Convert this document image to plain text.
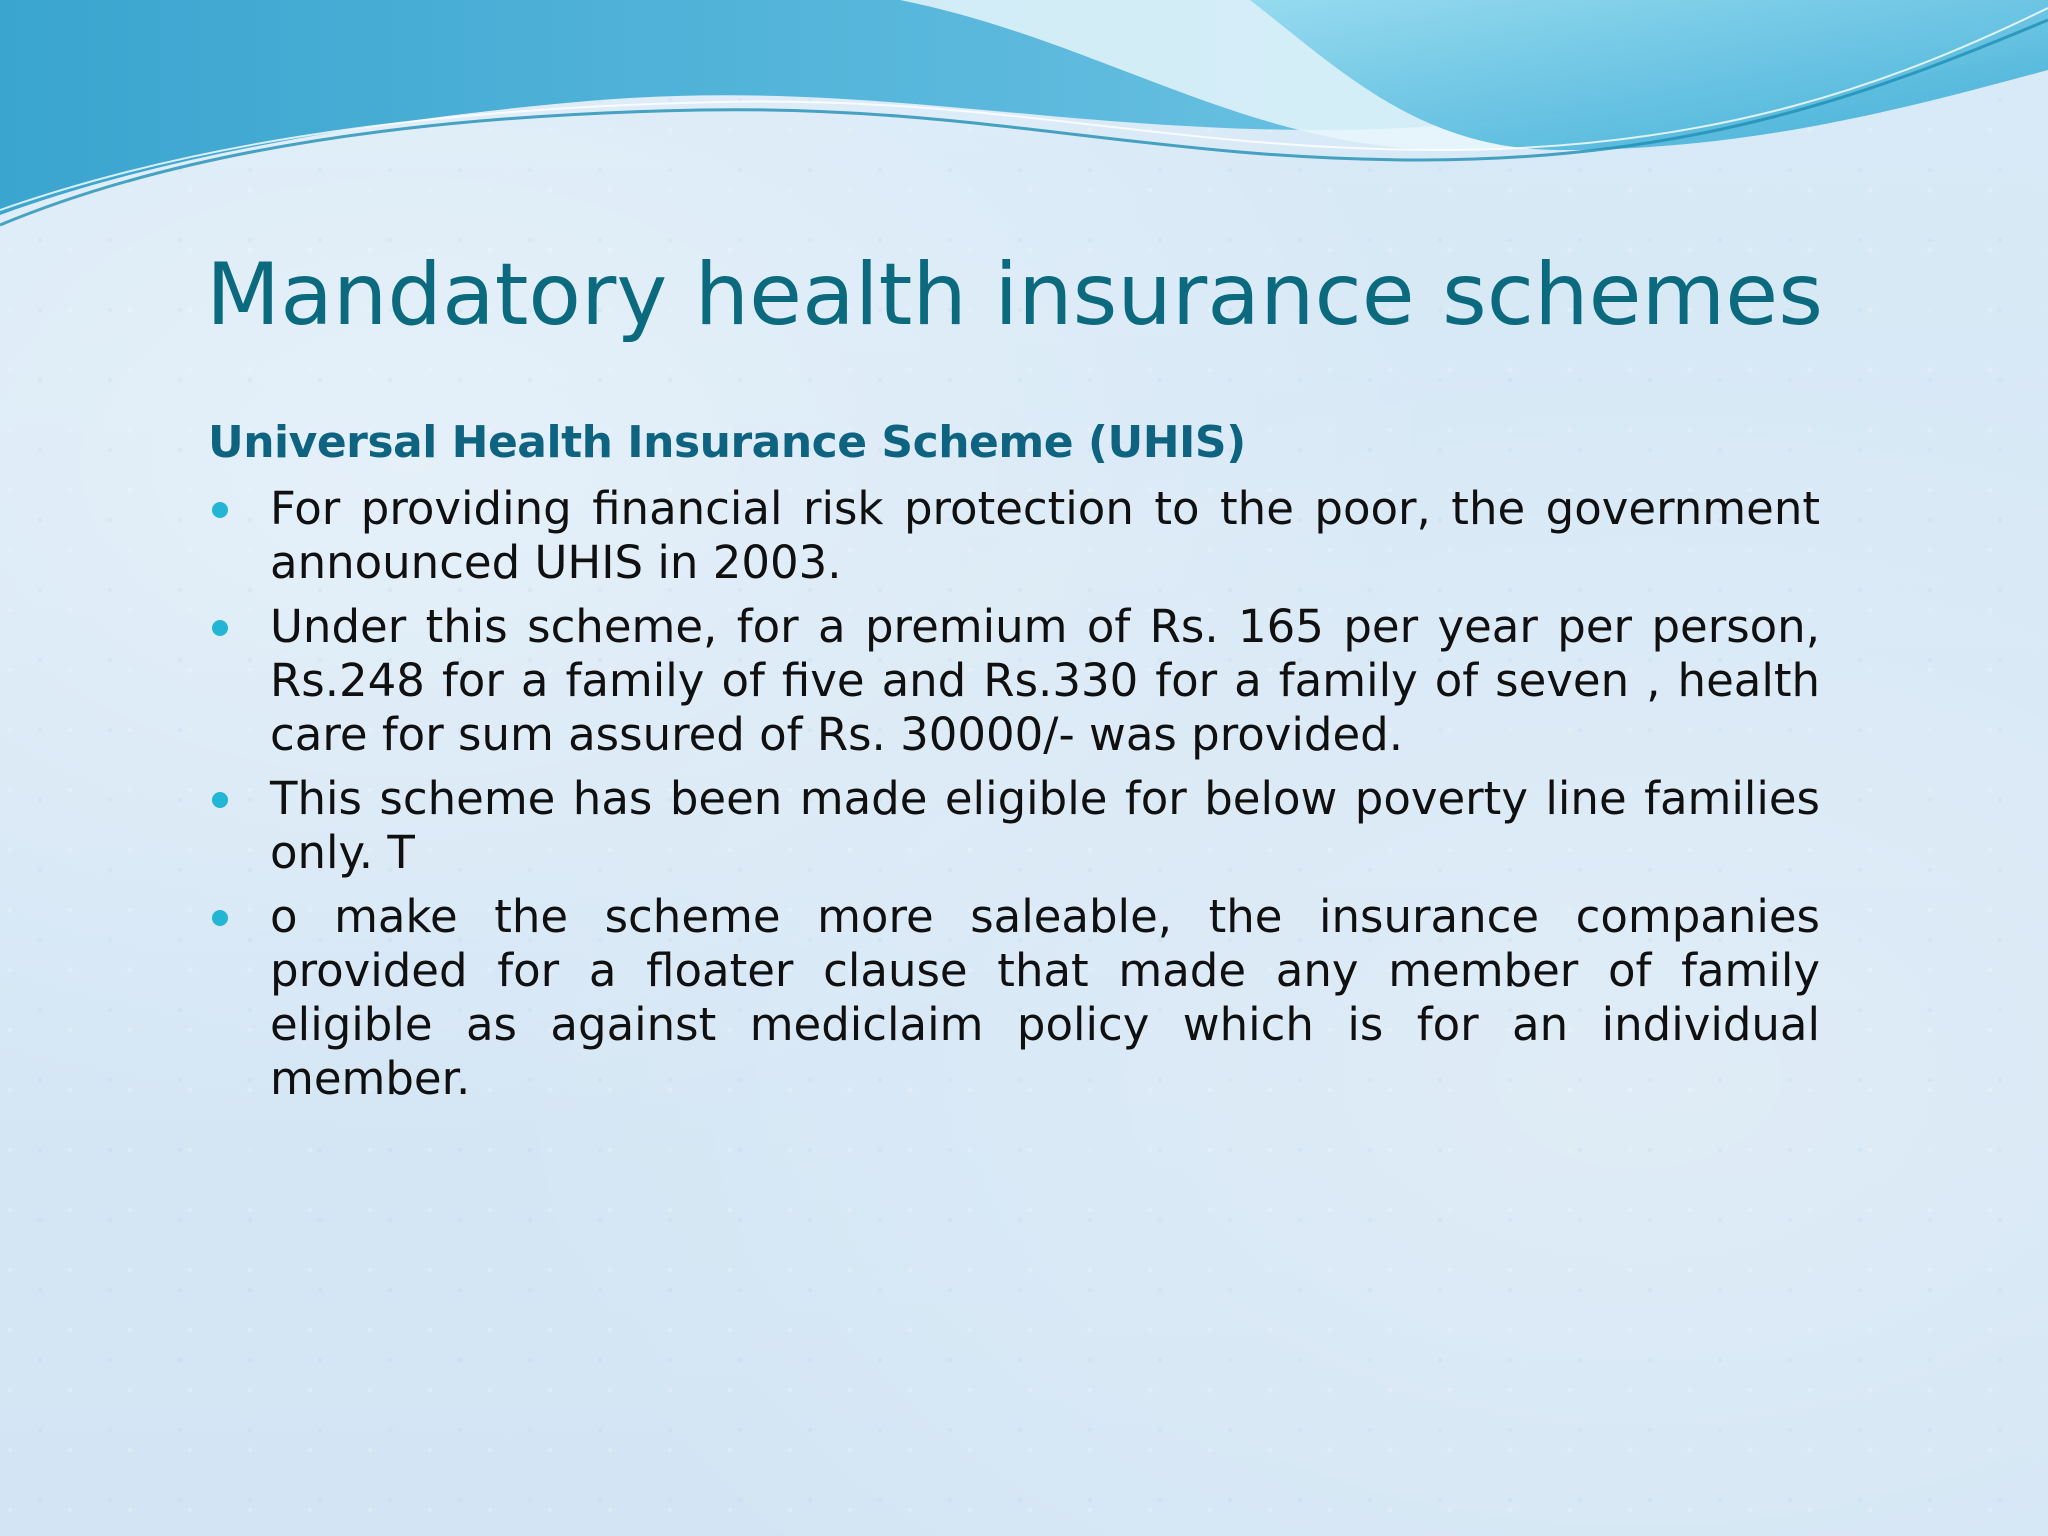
Mandatory health insurance schemes
Universal Health Insurance Scheme (UHIS)
For providing financial risk protection to the poor, the government announced UHIS in 2003.
Under this scheme, for a premium of Rs. 165 per year per person, Rs.248 for a family of five and Rs.330 for a family of seven , health care for sum assured of Rs. 30000/- was provided.
This scheme has been made eligible for below poverty line families only. T
o make the scheme more saleable, the insurance companies provided for a floater clause that made any member of family eligible as against mediclaim policy which is for an individual member.
